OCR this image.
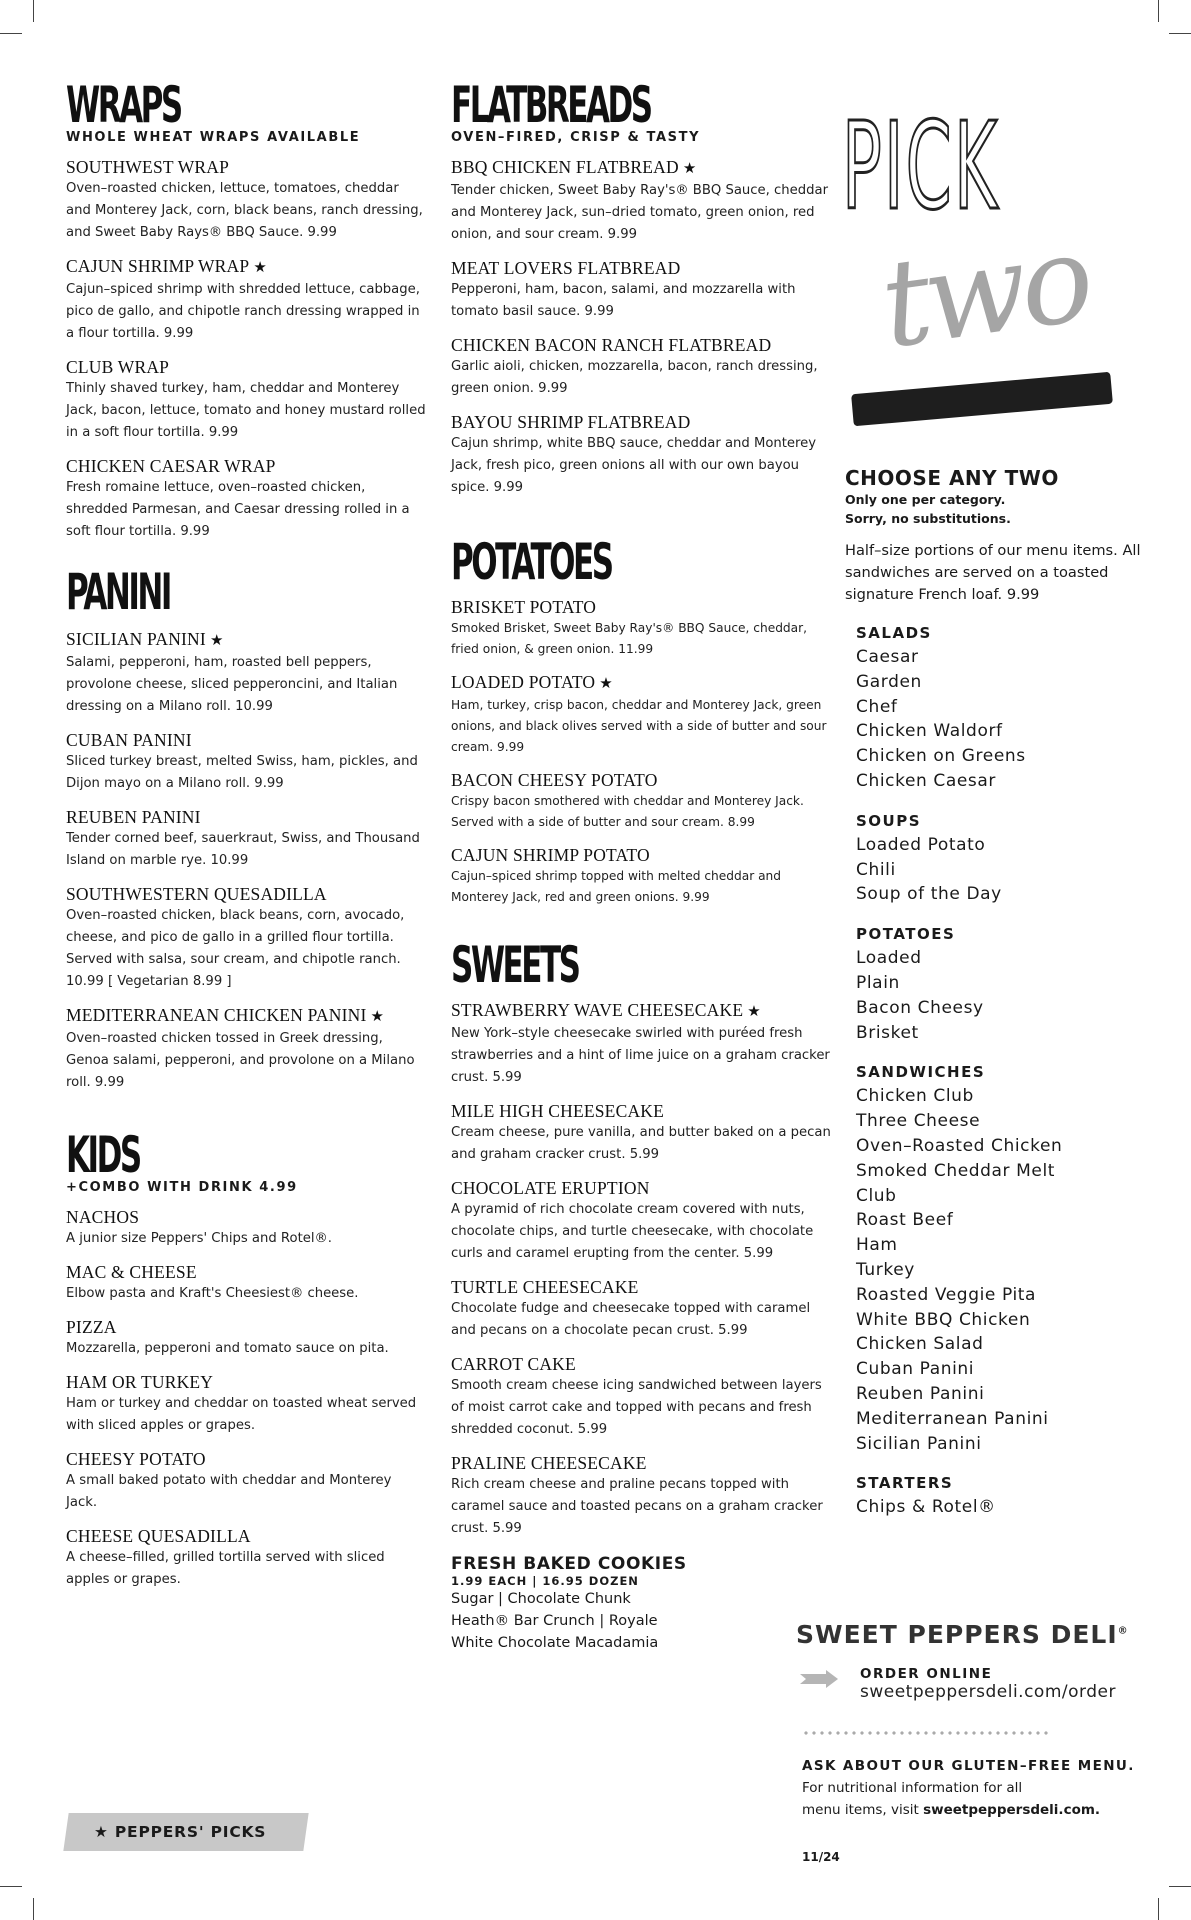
WRAPS
WHOLE WHEAT WRAPS AVAILABLE
SOUTHWEST WRAP
Oven–roasted chicken, lettuce, tomatoes, cheddar and Monterey Jack, corn, black beans, ranch dressing, and Sweet Baby Rays® BBQ Sauce. 9.99
CAJUN SHRIMP WRAP ★
Cajun–spiced shrimp with shredded lettuce, cabbage, pico de gallo, and chipotle ranch dressing wrapped in a flour tortilla. 9.99
CLUB WRAP
Thinly shaved turkey, ham, cheddar and Monterey Jack, bacon, lettuce, tomato and honey mustard rolled in a soft flour tortilla. 9.99
CHICKEN CAESAR WRAP
Fresh romaine lettuce, oven–roasted chicken, shredded Parmesan, and Caesar dressing rolled in a soft flour tortilla. 9.99
PANINI
SICILIAN PANINI ★
Salami, pepperoni, ham, roasted bell peppers, provolone cheese, sliced pepperoncini, and Italian dressing on a Milano roll. 10.99
CUBAN PANINI
Sliced turkey breast, melted Swiss, ham, pickles, and Dijon mayo on a Milano roll. 9.99
REUBEN PANINI
Tender corned beef, sauerkraut, Swiss, and Thousand Island on marble rye. 10.99
SOUTHWESTERN QUESADILLA
Oven–roasted chicken, black beans, corn, avocado, cheese, and pico de gallo in a grilled flour tortilla. Served with salsa, sour cream, and chipotle ranch. 10.99 [ Vegetarian 8.99 ]
MEDITERRANEAN CHICKEN PANINI ★
Oven–roasted chicken tossed in Greek dressing, Genoa salami, pepperoni, and provolone on a Milano roll. 9.99
KIDS
+COMBO WITH DRINK 4.99
NACHOS
A junior size Peppers' Chips and Rotel®.
MAC & CHEESE
Elbow pasta and Kraft's Cheesiest® cheese.
PIZZA
Mozzarella, pepperoni and tomato sauce on pita.
HAM OR TURKEY
Ham or turkey and cheddar on toasted wheat served with sliced apples or grapes.
CHEESY POTATO
A small baked potato with cheddar and Monterey Jack.
CHEESE QUESADILLA
A cheese–filled, grilled tortilla served with sliced apples or grapes.
★ PEPPERS' PICKS
FLATBREADS
OVEN–FIRED, CRISP & TASTY
BBQ CHICKEN FLATBREAD ★
Tender chicken, Sweet Baby Ray's® BBQ Sauce, cheddar and Monterey Jack, sun–dried tomato, green onion, red onion, and sour cream. 9.99
MEAT LOVERS FLATBREAD
Pepperoni, ham, bacon, salami, and mozzarella with tomato basil sauce. 9.99
CHICKEN BACON RANCH FLATBREAD
Garlic aioli, chicken, mozzarella, bacon, ranch dressing, green onion. 9.99
BAYOU SHRIMP FLATBREAD
Cajun shrimp, white BBQ sauce, cheddar and Monterey Jack, fresh pico, green onions all with our own bayou spice. 9.99
POTATOES
BRISKET POTATO
Smoked Brisket, Sweet Baby Ray's® BBQ Sauce, cheddar, fried onion, & green onion. 11.99
LOADED POTATO ★
Ham, turkey, crisp bacon, cheddar and Monterey Jack, green onions, and black olives served with a side of butter and sour cream. 9.99
BACON CHEESY POTATO
Crispy bacon smothered with cheddar and Monterey Jack. Served with a side of butter and sour cream. 8.99
CAJUN SHRIMP POTATO
Cajun–spiced shrimp topped with melted cheddar and Monterey Jack, red and green onions. 9.99
SWEETS
STRAWBERRY WAVE CHEESECAKE ★
New York–style cheesecake swirled with puréed fresh strawberries and a hint of lime juice on a graham cracker crust. 5.99
MILE HIGH CHEESECAKE
Cream cheese, pure vanilla, and butter baked on a pecan and graham cracker crust. 5.99
CHOCOLATE ERUPTION
A pyramid of rich chocolate cream covered with nuts, chocolate chips, and turtle cheesecake, with chocolate curls and caramel erupting from the center. 5.99
TURTLE CHEESECAKE
Chocolate fudge and cheesecake topped with caramel and pecans on a chocolate pecan crust. 5.99
CARROT CAKE
Smooth cream cheese icing sandwiched between layers of moist carrot cake and topped with pecans and fresh shredded coconut. 5.99
PRALINE CHEESECAKE
Rich cream cheese and praline pecans topped with caramel sauce and toasted pecans on a graham cracker crust. 5.99
FRESH BAKED COOKIES
1.99 EACH | 16.95 DOZEN
Sugar | Chocolate Chunk
Heath® Bar Crunch | Royale
White Chocolate Macadamia
PICK
two
CHOOSE ANY TWO
Only one per category.
Sorry, no substitutions.
Half–size portions of our menu items. All sandwiches are served on a toasted signature French loaf. 9.99
SALADS
Caesar
Garden
Chef
Chicken Waldorf
Chicken on Greens
Chicken Caesar
SOUPS
Loaded Potato
Chili
Soup of the Day
POTATOES
Loaded
Plain
Bacon Cheesy
Brisket
SANDWICHES
Chicken Club
Three Cheese
Oven–Roasted Chicken
Smoked Cheddar Melt
Club
Roast Beef
Ham
Turkey
Roasted Veggie Pita
White BBQ Chicken
Chicken Salad
Cuban Panini
Reuben Panini
Mediterranean Panini
Sicilian Panini
STARTERS
Chips & Rotel®
SWEET PEPPERS DELI®
ORDER ONLINE
sweetpeppersdeli.com/order
ASK ABOUT OUR GLUTEN–FREE MENU.
For nutritional information for all
menu items, visit sweetpeppersdeli.com.
11/24
